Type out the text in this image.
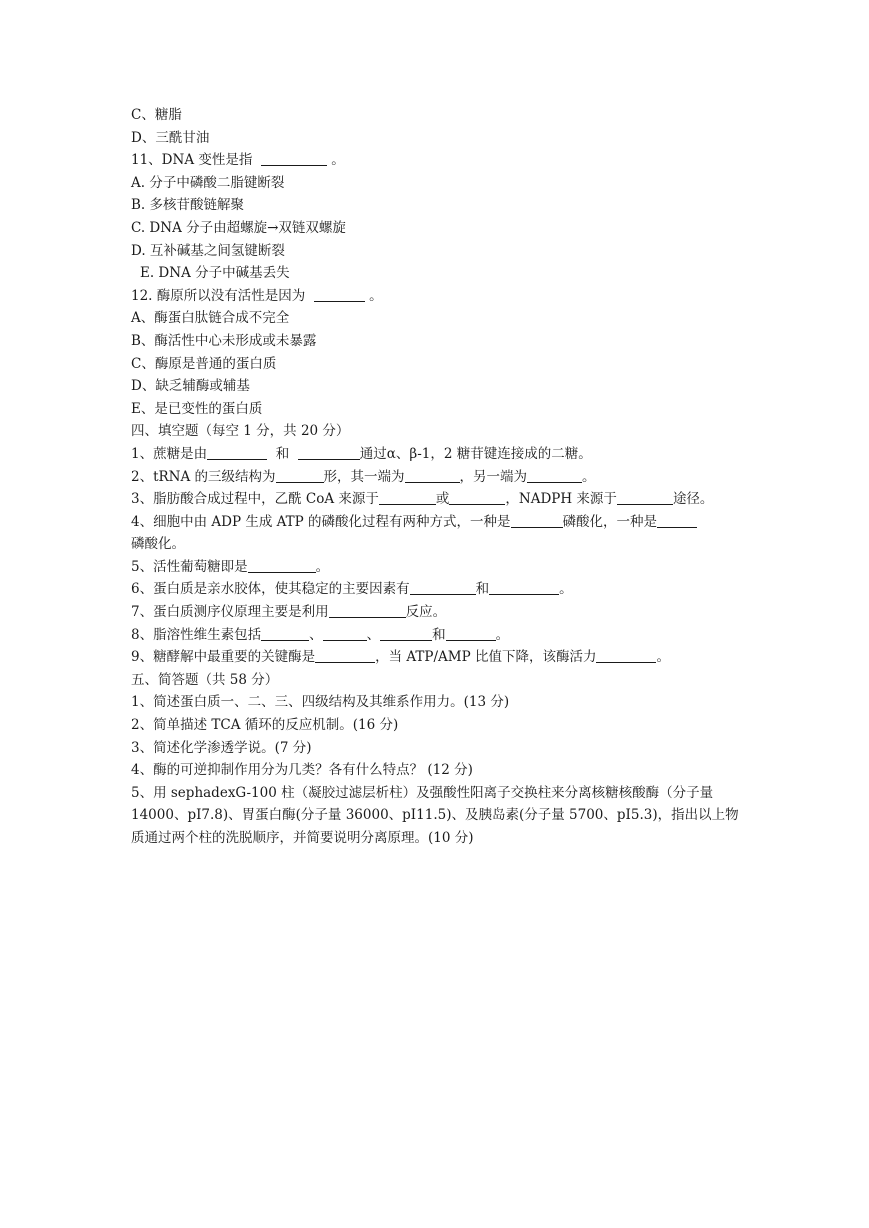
C、糖脂
D、三酰甘油
11、DNA 变性是指	。
A. 分子中磷酸二脂键断裂
B. 多核苷酸链解聚
C. DNA 分子由超螺旋→双链双螺旋
D. 互补碱基之间氢键断裂
E. DNA 分子中碱基丢失
12. 酶原所以没有活性是因为	。
A、酶蛋白肽链合成不完全
B、酶活性中心未形成或未暴露
C、酶原是普通的蛋白质
D、缺乏辅酶或辅基
E、是已变性的蛋白质
四、填空题（每空 1 分，共 20 分）
1、蔗糖是由	和	通过α、β-1，2 糖苷键连接成的二糖。
2、tRNA 的三级结构为	形，其一端为	，另一端为	。
3、脂肪酸合成过程中，乙酰 CoA 来源于	或	，NADPH 来源于	途径。
4、细胞中由 ADP 生成 ATP 的磷酸化过程有两种方式，一种是	磷酸化，一种是
磷酸化。
5、活性葡萄糖即是	。
6、蛋白质是亲水胶体，使其稳定的主要因素有	和	。
7、蛋白质测序仪原理主要是利用	反应。
8、脂溶性维生素包括	、	、	和	。
9、糖酵解中最重要的关键酶是	，当 ATP/AMP 比值下降，该酶活力	。
五、简答题（共 58 分）
1、简述蛋白质一、二、三、四级结构及其维系作用力。(13 分)
2、简单描述 TCA 循环的反应机制。(16 分)
3、简述化学渗透学说。(7 分)
4、酶的可逆抑制作用分为几类？各有什么特点？ (12 分)
5、用 sephadexG-100 柱（凝胶过滤层析柱）及强酸性阳离子交换柱来分离核糖核酸酶（分子量 14000、pⅠ7.8)、胃蛋白酶(分子量 36000、pⅠ11.5)、及胰岛素(分子量 5700、pI5.3)，指出以上物质通过两个柱的洗脱顺序，并简要说明分离原理。(10 分)
